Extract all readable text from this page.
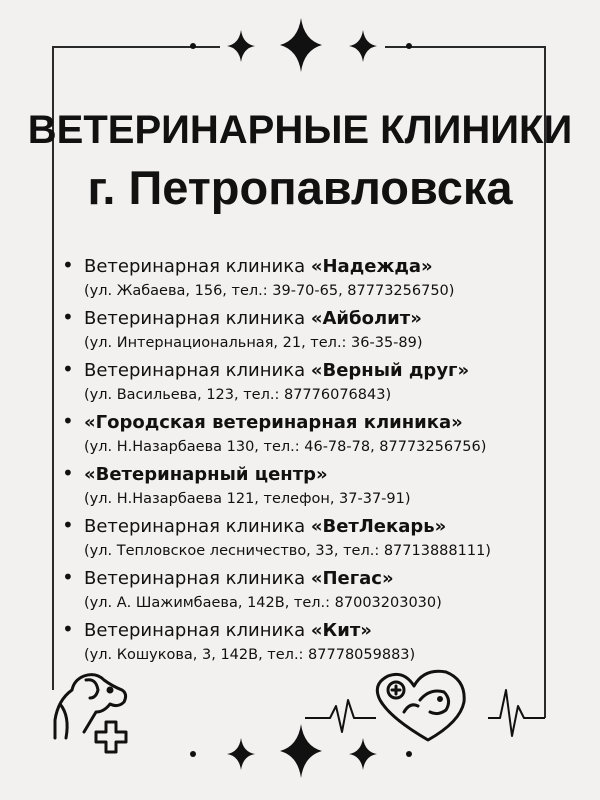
ВЕТЕРИНАРНЫЕ КЛИНИКИ
г. Петропавловска
• Ветеринарная клиника «Надежда»
(ул. Жабаева, 156, тел.: 39-70-65, 87773256750)
• Ветеринарная клиника «Айболит»
(ул. Интернациональная, 21, тел.: 36-35-89)
• Ветеринарная клиника «Верный друг»
(ул. Васильева, 123, тел.: 87776076843)
• «Городская ветеринарная клиника»
(ул. Н.Назарбаева 130, тел.: 46-78-78, 87773256756)
• «Ветеринарный центр»
(ул. Н.Назарбаева 121, телефон, 37-37-91)
• Ветеринарная клиника «ВетЛекарь»
(ул. Тепловское лесничество, 33, тел.: 87713888111)
• Ветеринарная клиника «Пегас»
(ул. А. Шажимбаева, 142В, тел.: 87003203030)
• Ветеринарная клиника «Кит»
(ул. Кошукова, 3, 142В, тел.: 87778059883)
